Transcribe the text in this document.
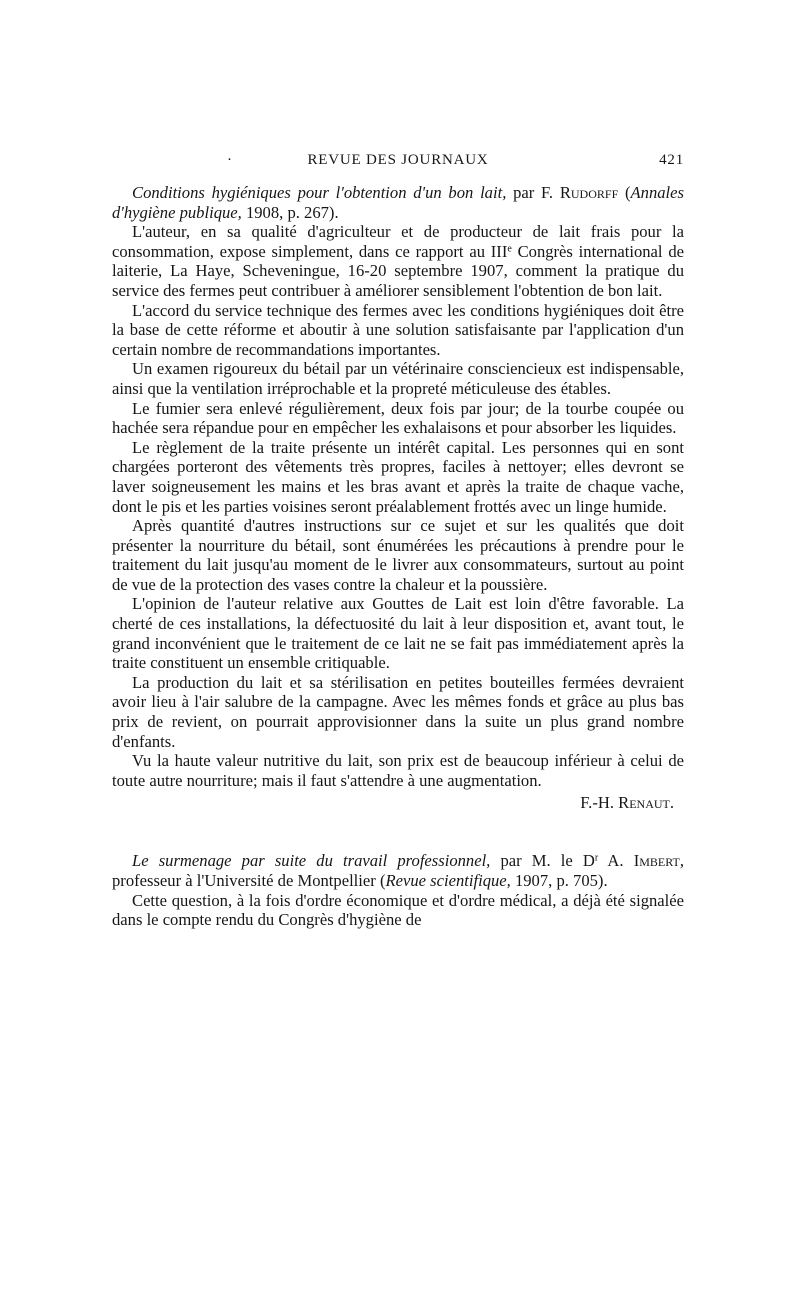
·	REVUE DES JOURNAUX	421

Conditions hygiéniques pour l'obtention d'un bon lait, par F. Rudorff (Annales d'hygiène publique, 1908, p. 267).

L'auteur, en sa qualité d'agriculteur et de producteur de lait frais pour la consommation, expose simplement, dans ce rapport au IIIe Congrès international de laiterie, La Haye, Scheveningue, 16-20 septembre 1907, comment la pratique du service des fermes peut contribuer à améliorer sensiblement l'obtention de bon lait.

L'accord du service technique des fermes avec les conditions hygiéniques doit être la base de cette réforme et aboutir à une solution satisfaisante par l'application d'un certain nombre de recommandations importantes.

Un examen rigoureux du bétail par un vétérinaire consciencieux est indispensable, ainsi que la ventilation irréprochable et la propreté méticuleuse des étables.

Le fumier sera enlevé régulièrement, deux fois par jour; de la tourbe coupée ou hachée sera répandue pour en empêcher les exhalaisons et pour absorber les liquides.

Le règlement de la traite présente un intérêt capital. Les personnes qui en sont chargées porteront des vêtements très propres, faciles à nettoyer; elles devront se laver soigneusement les mains et les bras avant et après la traite de chaque vache, dont le pis et les parties voisines seront préalablement frottés avec un linge humide.

Après quantité d'autres instructions sur ce sujet et sur les qualités que doit présenter la nourriture du bétail, sont énumérées les précautions à prendre pour le traitement du lait jusqu'au moment de le livrer aux consommateurs, surtout au point de vue de la protection des vases contre la chaleur et la poussière.

L'opinion de l'auteur relative aux Gouttes de Lait est loin d'être favorable. La cherté de ces installations, la défectuosité du lait à leur disposition et, avant tout, le grand inconvénient que le traitement de ce lait ne se fait pas immédiatement après la traite constituent un ensemble critiquable.

La production du lait et sa stérilisation en petites bouteilles fermées devraient avoir lieu à l'air salubre de la campagne. Avec les mêmes fonds et grâce au plus bas prix de revient, on pourrait approvisionner dans la suite un plus grand nombre d'enfants.

Vu la haute valeur nutritive du lait, son prix est de beaucoup inférieur à celui de toute autre nourriture; mais il faut s'attendre à une augmentation.

F.-H. Renaut.

Le surmenage par suite du travail professionnel, par M. le $D^r$ A. Imbert, professeur à l'Université de Montpellier (Revue scientifique, 1907, p. 705).

Cette question, à la fois d'ordre économique et d'ordre médical, a déjà été signalée dans le compte rendu du Congrès d'hygiène de
